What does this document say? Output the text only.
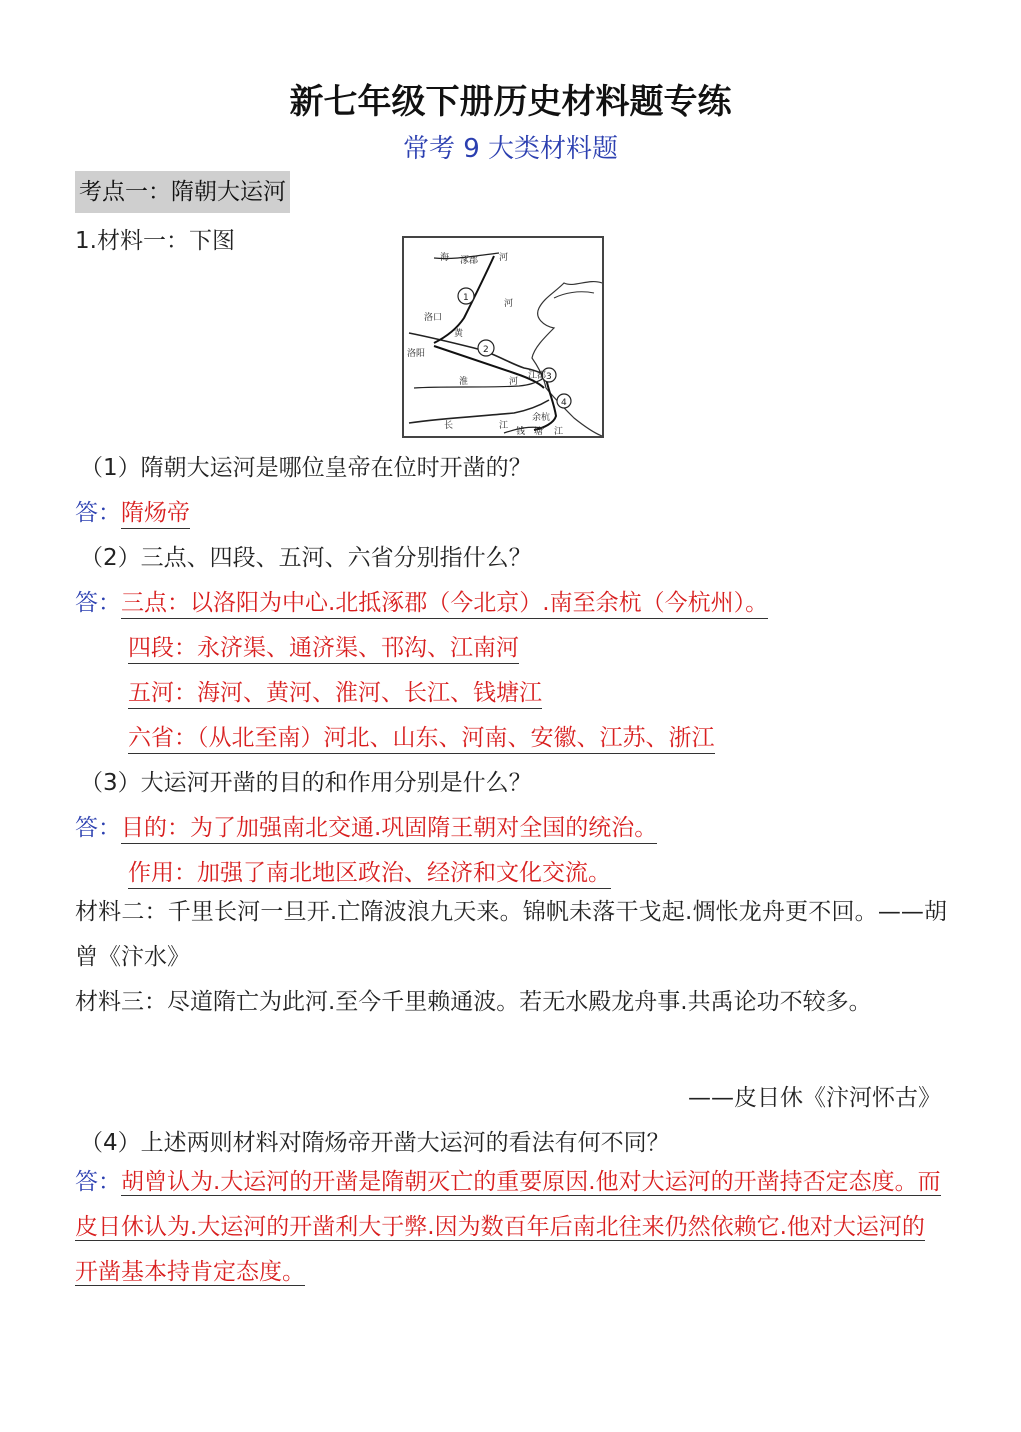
新七年级下册历史材料题专练
常考 9 大类材料题
考点一：隋朝大运河
1.材料一：下图
1
2
3
4
海 涿郡 河
河
黄
洛口
洛阳
淮	河
江都
余杭
长	江
钱 塘 江
（1）隋朝大运河是哪位皇帝在位时开凿的？
答：隋炀帝
（2）三点、四段、五河、六省分别指什么？
答：三点：以洛阳为中心.北抵涿郡（今北京）.南至余杭（今杭州）。
四段：永济渠、通济渠、邗沟、江南河
五河：海河、黄河、淮河、长江、钱塘江
六省：（从北至南）河北、山东、河南、安徽、江苏、浙江
（3）大运河开凿的目的和作用分别是什么？
答：目的：为了加强南北交通.巩固隋王朝对全国的统治。
作用：加强了南北地区政治、经济和文化交流。
材料二：千里长河一旦开.亡隋波浪九天来。锦帆未落干戈起.惆怅龙舟更不回。——胡曾《汴水》
材料三：尽道隋亡为此河.至今千里赖通波。若无水殿龙舟事.共禹论功不较多。
——皮日休《汴河怀古》
（4）上述两则材料对隋炀帝开凿大运河的看法有何不同？
答：胡曾认为.大运河的开凿是隋朝灭亡的重要原因.他对大运河的开凿持否定态度。而皮日休认为.大运河的开凿利大于弊.因为数百年后南北往来仍然依赖它.他对大运河的开凿基本持肯定态度。
